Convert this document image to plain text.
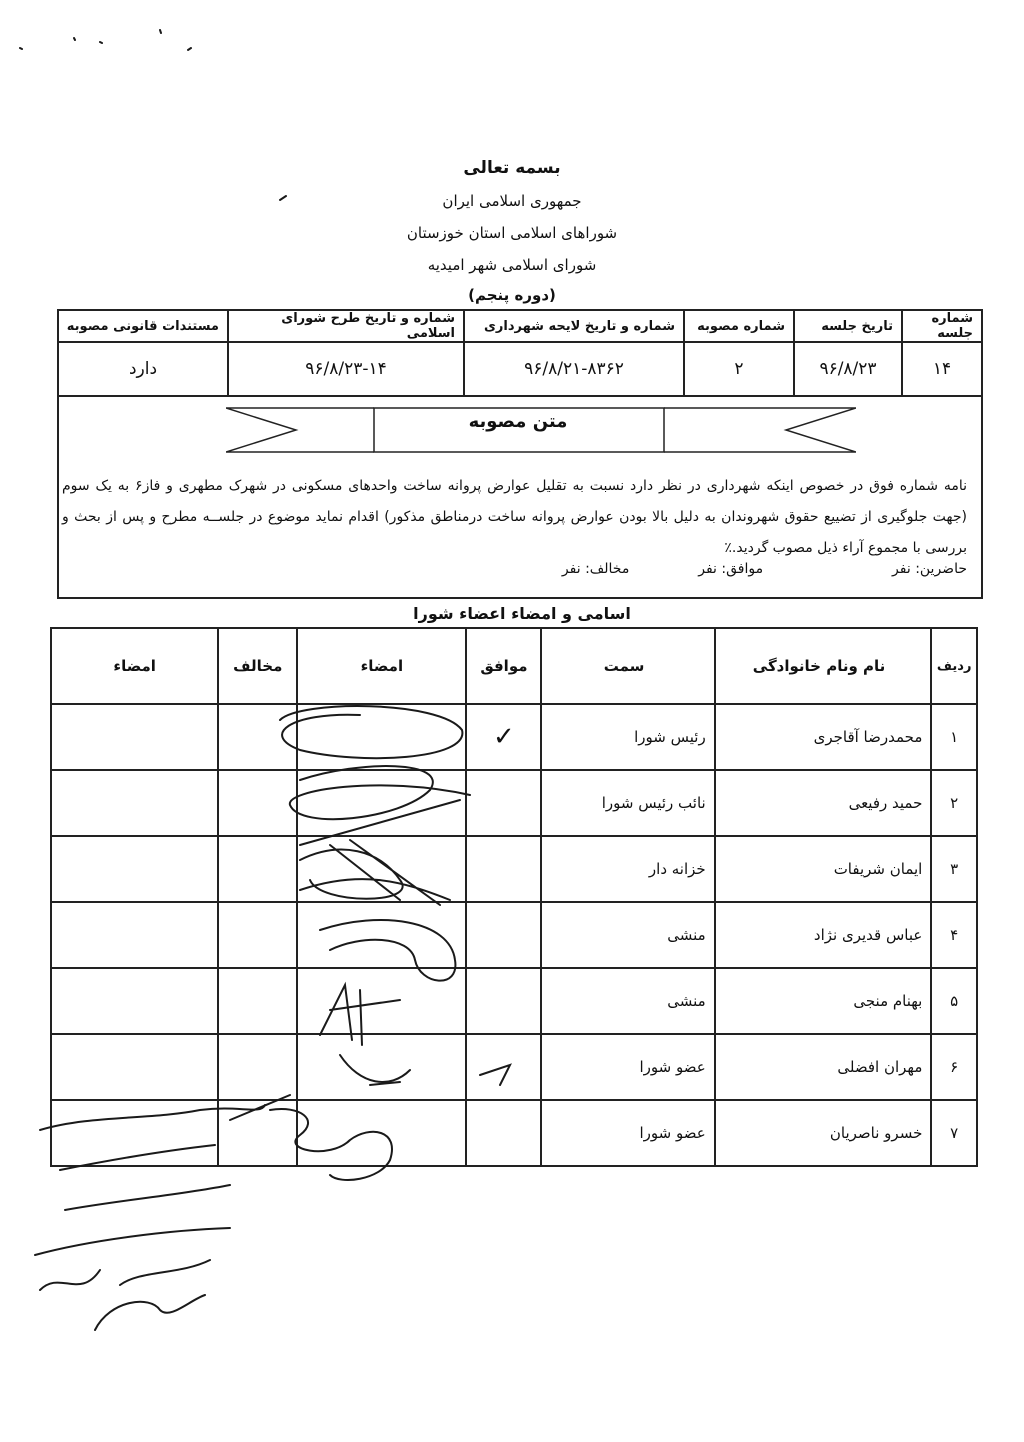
بسمه تعالی
جمهوری اسلامی ایران
شوراهای اسلامی استان خوزستان
شورای اسلامی شهر امیدیه
(دوره پنجم)
شماره جلسه	تاریخ جلسه	شماره مصوبه	شماره و تاریخ لایحه شهرداری	شماره و تاریخ طرح شورای اسلامی	مستندات قانونی مصوبه
۱۴	۹۶/۸/۲۳	۲	۹۶/۸/۲۱-۸۳۶۲	۹۶/۸/۲۳-۱۴	دارد
متن مصوبه
نامه شماره فوق در خصوص اینکه شهرداری در نظر دارد نسبت به تقلیل عوارض پروانه ساخت واحدهای مسکونی در شهرک مطهری و فاز۶ به یک سوم (جهت جلوگیری از تضییع حقوق شهروندان به دلیل بالا بودن عوارض پروانه ساخت درمناطق مذکور) اقدام نماید موضوع در جلســه مطرح و پس از بحث و بررسی با مجموع آراء ذیل مصوب گردید.٪
حاضرین: نفر  موافق: نفر  مخالف: نفر
اسامی و امضاء اعضاء شورا
ردیف	نام ونام خانوادگی	سمت	موافق	امضاء	مخالف	امضاء
۱	محمدرضا آقاجری	رئیس شورا	✓			
۲	حمید رفیعی	نائب رئیس شورا				
۳	ایمان شریفات	خزانه دار				
۴	عباس قدیری نژاد	منشی				
۵	بهنام منجی	منشی				
۶	مهران افضلی	عضو شورا				
۷	خسرو ناصریان	عضو شورا				
